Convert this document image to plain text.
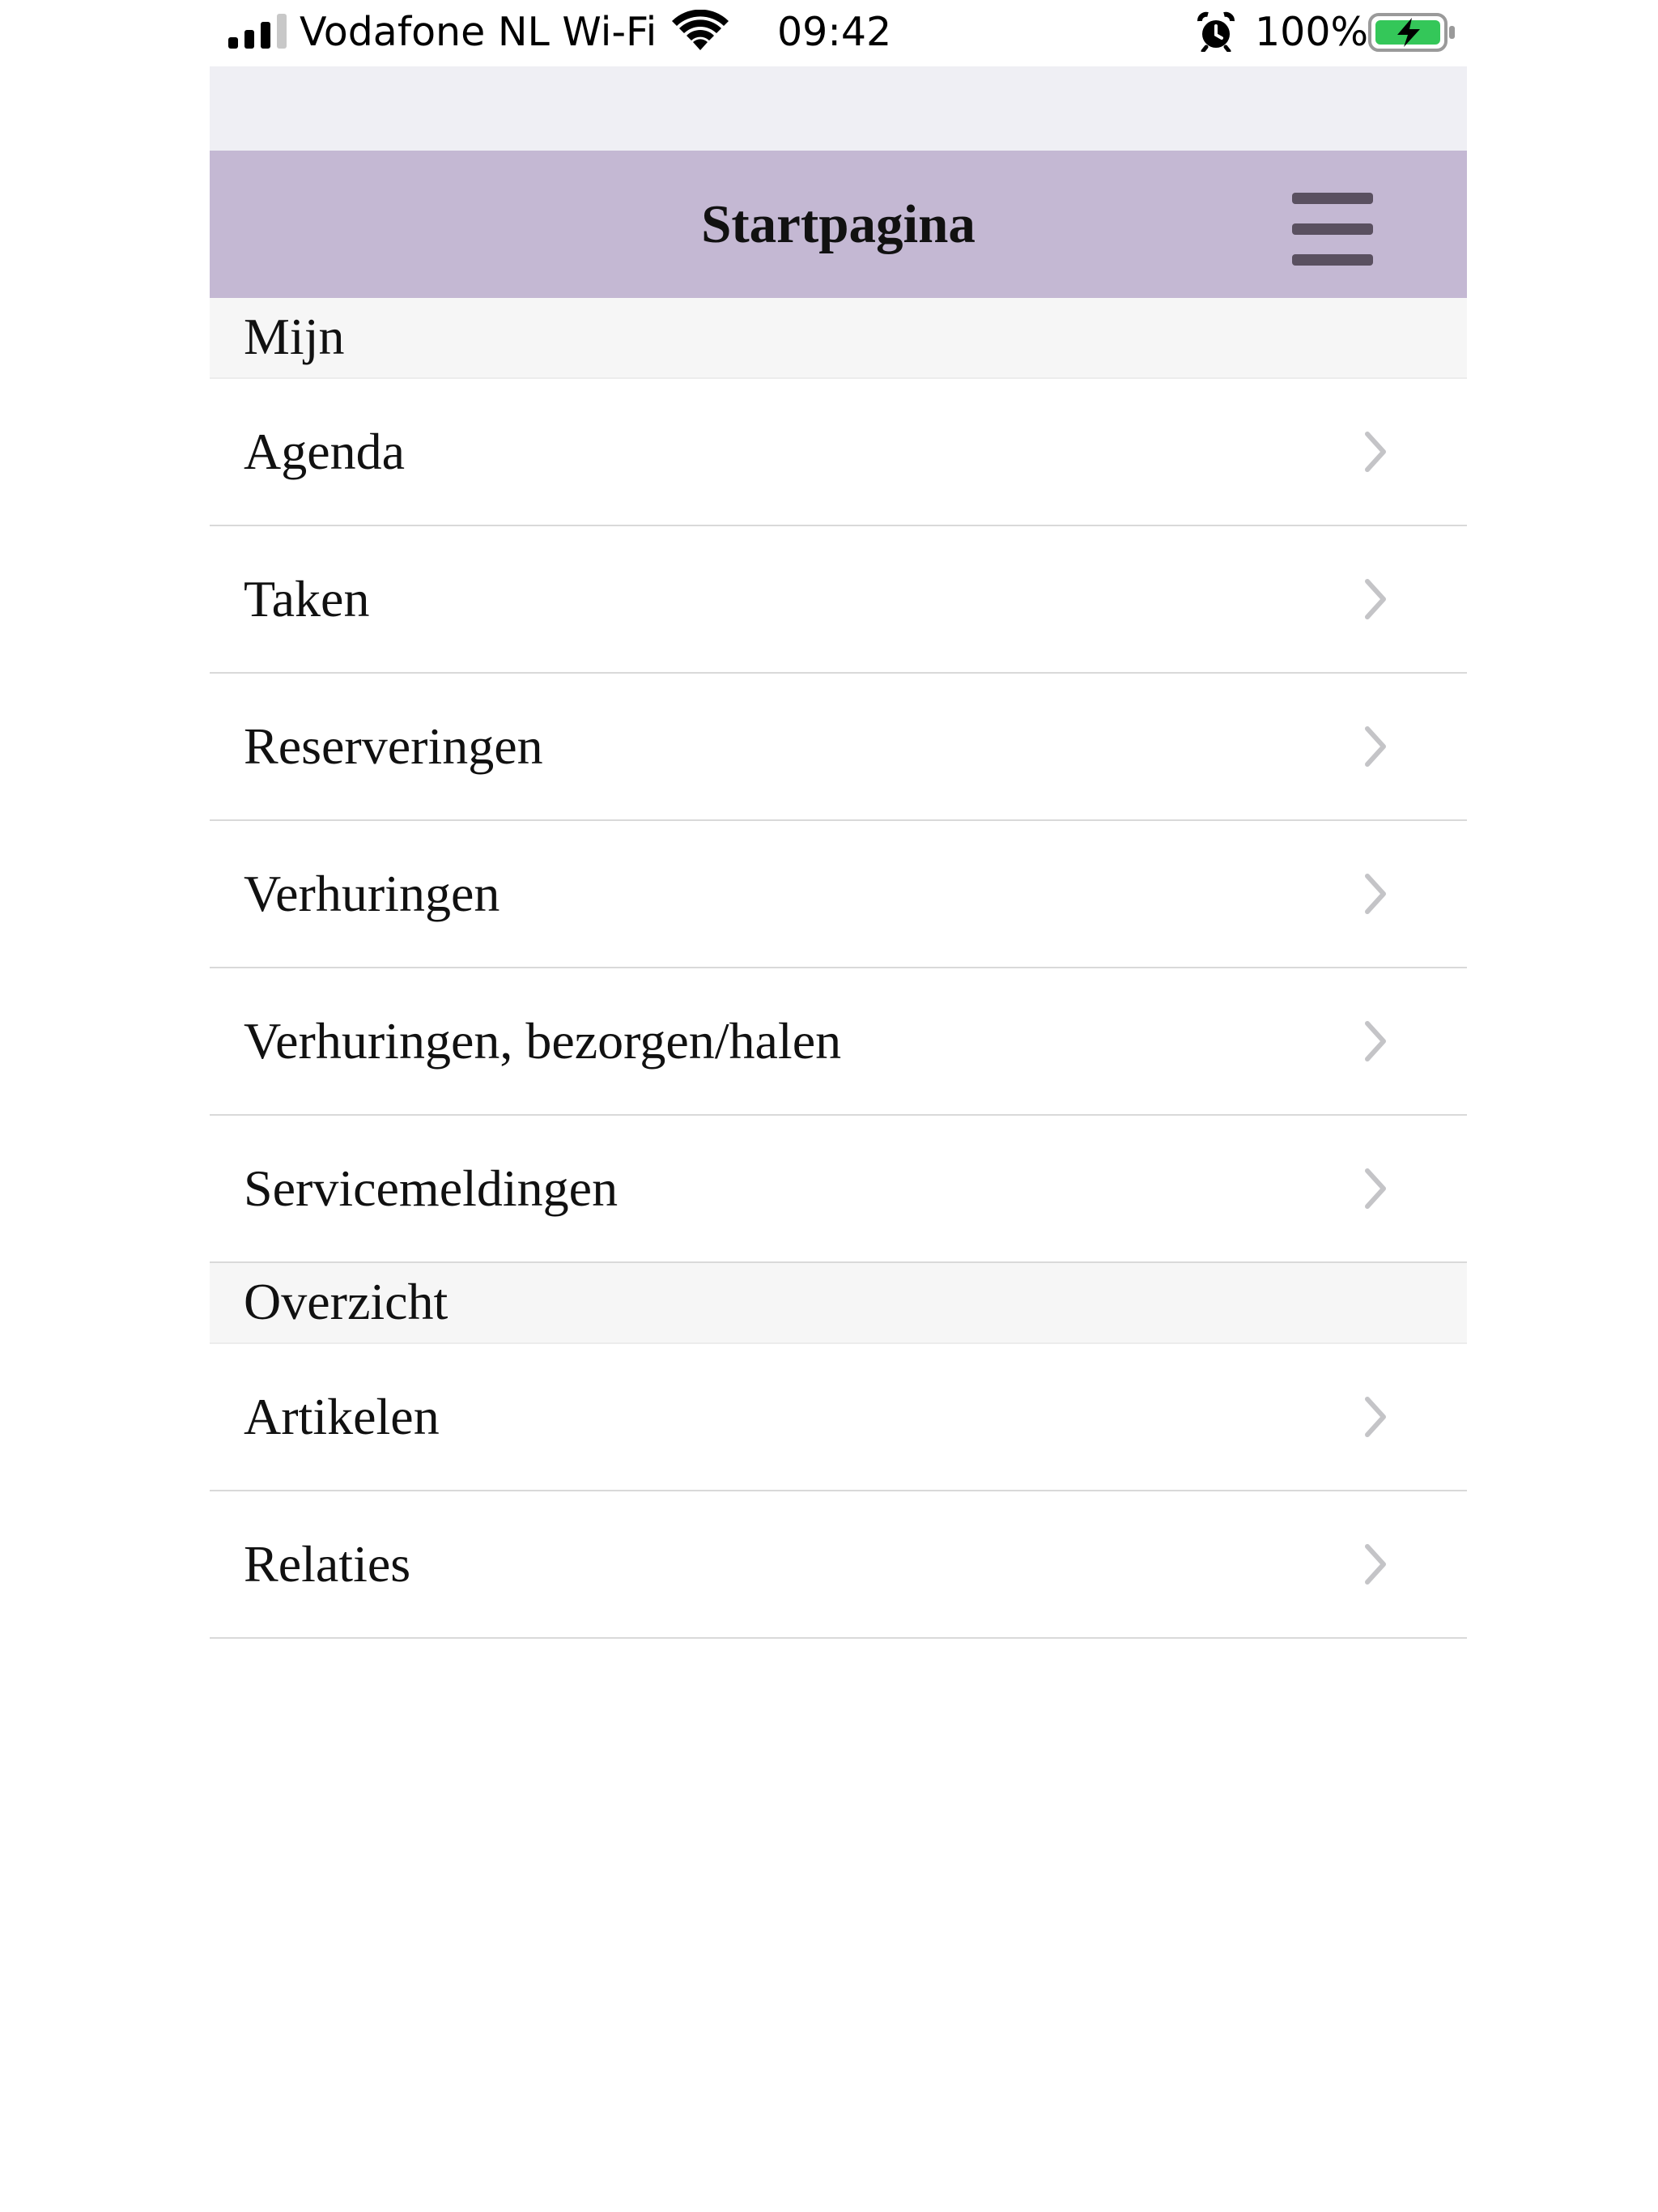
Vodafone NL Wi-Fi	09:42	100%
Startpagina
Mijn
Agenda
Taken
Reserveringen
Verhuringen
Verhuringen, bezorgen/halen
Servicemeldingen
Overzicht
Artikelen
Relaties
